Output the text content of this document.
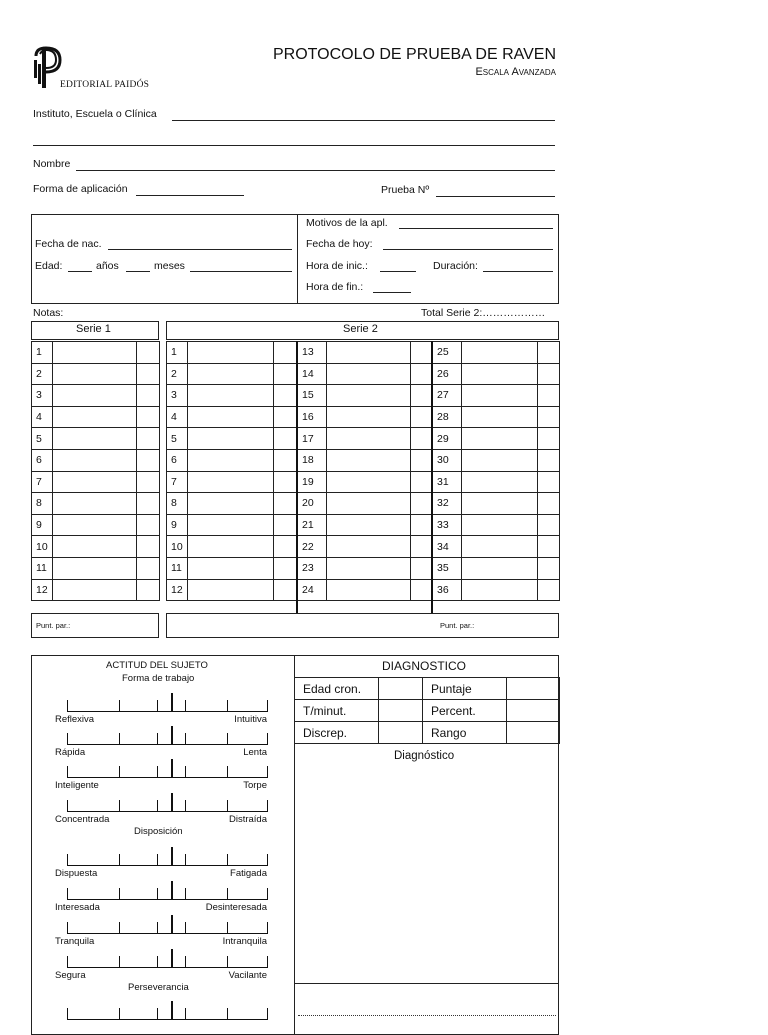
EDITORIAL PAIDÓS
PROTOCOLO DE PRUEBA DE RAVEN
Escala Avanzada
Instituto, Escuela o Clínica
Nombre
Forma de aplicación	Prueba Nº
Fecha de nac.
Edad:	años	meses
Motivos de la apl.
Fecha de hoy:
Hora de inic.:	Duración:
Hora de fin.:
Notas:	Total Serie 2:………………
Serie 1
1		
2		
3		
4		
5		
6		
7		
8		
9		
10		
11		
12		
Punt. par.:
Serie 2
1			13			25		
2			14			26		
3			15			27		
4			16			28		
5			17			29		
6			18			30		
7			19			31		
8			20			32		
9			21			33		
10			22			34		
11			23			35		
12			24			36		
Punt. par.:
ACTITUD DEL SUJETO
Forma de trabajo
Disposición
Perseverancia
Reflexiva	Intuitiva
Rápida	Lenta
Inteligente	Torpe
Concentrada	Distraída
Dispuesta	Fatigada
Interesada	Desinteresada
Tranquila	Intranquila
Segura	Vacilante
DIAGNOSTICO
Edad cron.		Puntaje	
T/minut.		Percent.	
Discrep.		Rango	
Diagnóstico
